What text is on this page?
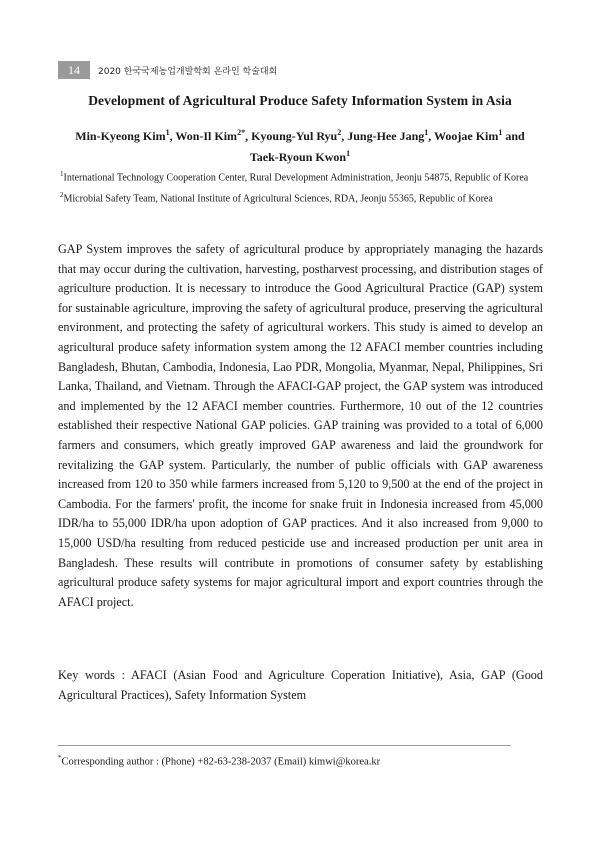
14	2020 한국국제농업개발학회 온라인 학술대회
Development of Agricultural Produce Safety Information System in Asia
Min-Kyeong Kim$^1$, Won-Il Kim$^{2*}$, Kyoung-Yul Ryu$^2$, Jung-Hee Jang$^1$, Woojae Kim$^1$ and
Taek-Ryoun Kwon$^1$
$^1$International Technology Cooperation Center, Rural Development Administration, Jeonju 54875, Republic of Korea
$^2$Microbial Safety Team, National Institute of Agricultural Sciences, RDA, Jeonju 55365, Republic of Korea

GAP System improves the safety of agricultural produce by appropriately managing the hazards that may occur during the cultivation, harvesting, postharvest processing, and distribution stages of agriculture production. It is necessary to introduce the Good Agricultural Practice (GAP) system for sustainable agriculture, improving the safety of agricultural produce, preserving the agricultural environment, and protecting the safety of agricultural workers. This study is aimed to develop an agricultural produce safety information system among the 12 AFACI member countries including Bangladesh, Bhutan, Cambodia, Indonesia, Lao PDR, Mongolia, Myanmar, Nepal, Philippines, Sri Lanka, Thailand, and Vietnam. Through the AFACI-GAP project, the GAP system was introduced and implemented by the 12 AFACI member countries. Furthermore, 10 out of the 12 countries established their respective National GAP policies. GAP training was provided to a total of 6,000 farmers and consumers, which greatly improved GAP awareness and laid the groundwork for revitalizing the GAP system. Particularly, the number of public officials with GAP awareness increased from 120 to 350 while farmers increased from 5,120 to 9,500 at the end of the project in Cambodia. For the farmers' profit, the income for snake fruit in Indonesia increased from 45,000 IDR/ha to 55,000 IDR/ha upon adoption of GAP practices. And it also increased from 9,000 to 15,000 USD/ha resulting from reduced pesticide use and increased production per unit area in Bangladesh. These results will contribute in promotions of consumer safety by establishing agricultural produce safety systems for major agricultural import and export countries through the AFACI project.

Key words : AFACI (Asian Food and Agriculture Coperation Initiative), Asia, GAP (Good Agricultural Practices), Safety Information System

*Corresponding author : (Phone) +82-63-238-2037 (Email) kimwi@korea.kr
